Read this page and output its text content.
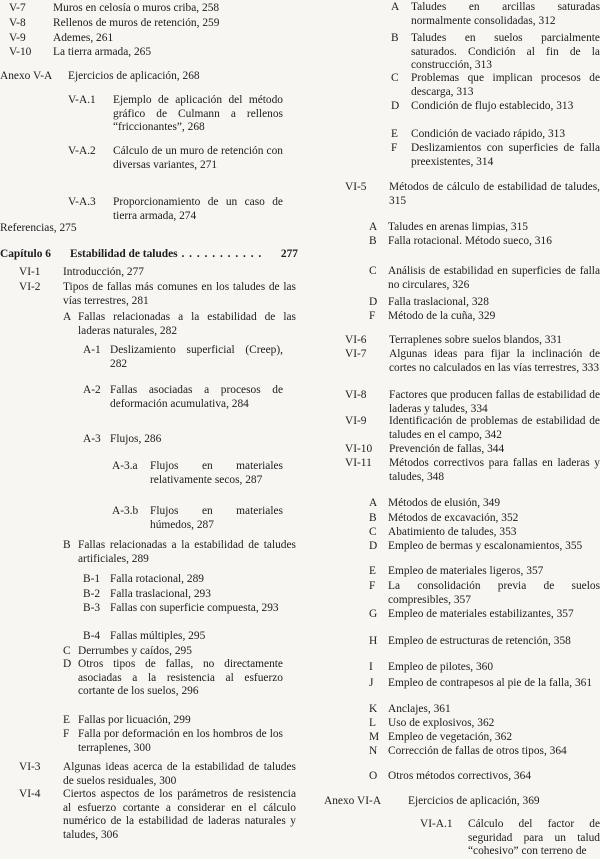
V-7 Muros en celosía o muros criba, 258
V-8 Rellenos de muros de retención, 259
V-9 Ademes, 261
V-10 La tierra armada, 265
Anexo V-A Ejercicios de aplicación, 268
V-A.1 Ejemplo de aplicación del método gráfico de Culmann a rellenos “friccionantes”, 268
V-A.2 Cálculo de un muro de retención con diversas variantes, 271
V-A.3 Proporcionamiento de un caso de tierra armada, 274
Referencias, 275
Capítulo 6	277
Estabilidad de taludes . . . . . . . . . . .
VI-1 Introducción, 277
VI-2 Tipos de fallas más comunes en los taludes de las vías terrestres, 281
A Fallas relacionadas a la estabilidad de las laderas naturales, 282
A-1 Deslizamiento superficial (Creep), 282
A-2 Fallas asociadas a procesos de deformación acumulativa, 284
A-3 Flujos, 286
A-3.a Flujos en materiales relativamente secos, 287
A-3.b Flujos en materiales húmedos, 287
B Fallas relacionadas a la estabilidad de taludes artificiales, 289
B-1 Falla rotacional, 289
B-2 Falla traslacional, 293
B-3 Fallas con superficie compuesta, 293
B-4 Fallas múltiples, 295
C Derrumbes y caídos, 295
D Otros tipos de fallas, no directamente asociadas a la resistencia al esfuerzo cortante de los suelos, 296
E Fallas por licuación, 299
F Falla por deformación en los hombros de los terraplenes, 300
VI-3 Algunas ideas acerca de la estabilidad de taludes de suelos residuales, 300
VI-4 Ciertos aspectos de los parámetros de resistencia al esfuerzo cortante a considerar en el cálculo numérico de la estabilidad de laderas naturales y taludes, 306
A Taludes en arcillas saturadas normalmente consolidadas, 312
B Taludes en suelos parcialmente saturados. Condición al fin de la construcción, 313
C Problemas que implican procesos de descarga, 313
D Condición de flujo establecido, 313
E Condición de vaciado rápido, 313
F Deslizamientos con superficies de falla preexistentes, 314
VI-5 Métodos de cálculo de estabilidad de taludes, 315
A Taludes en arenas limpias, 315
B Falla rotacional. Método sueco, 316
C Análisis de estabilidad en superficies de falla no circulares, 326
D Falla traslacional, 328
F Método de la cuña, 329
VI-6 Terraplenes sobre suelos blandos, 331
VI-7 Algunas ideas para fijar la inclinación de cortes no calculados en las vías terrestres, 333
VI-8 Factores que producen fallas de estabilidad de laderas y taludes, 334
VI-9 Identificación de problemas de estabilidad de taludes en el campo, 342
VI-10 Prevención de fallas, 344
VI-11 Métodos correctivos para fallas en laderas y taludes, 348
A Métodos de elusión, 349
B Métodos de excavación, 352
C Abatimiento de taludes, 353
D Empleo de bermas y escalonamientos, 355
E Empleo de materiales ligeros, 357
F La consolidación previa de suelos compresibles, 357
G Empleo de materiales estabilizantes, 357
H Empleo de estructuras de retención, 358
I Empleo de pilotes, 360
J Empleo de contrapesos al pie de la falla, 361
K Anclajes, 361
L Uso de explosivos, 362
M Empleo de vegetación, 362
N Corrección de fallas de otros tipos, 364
O Otros métodos correctivos, 364
Anexo VI-A Ejercicios de aplicación, 369
VI-A.1 Cálculo del factor de seguridad para un talud “cohesivo” con terreno de
